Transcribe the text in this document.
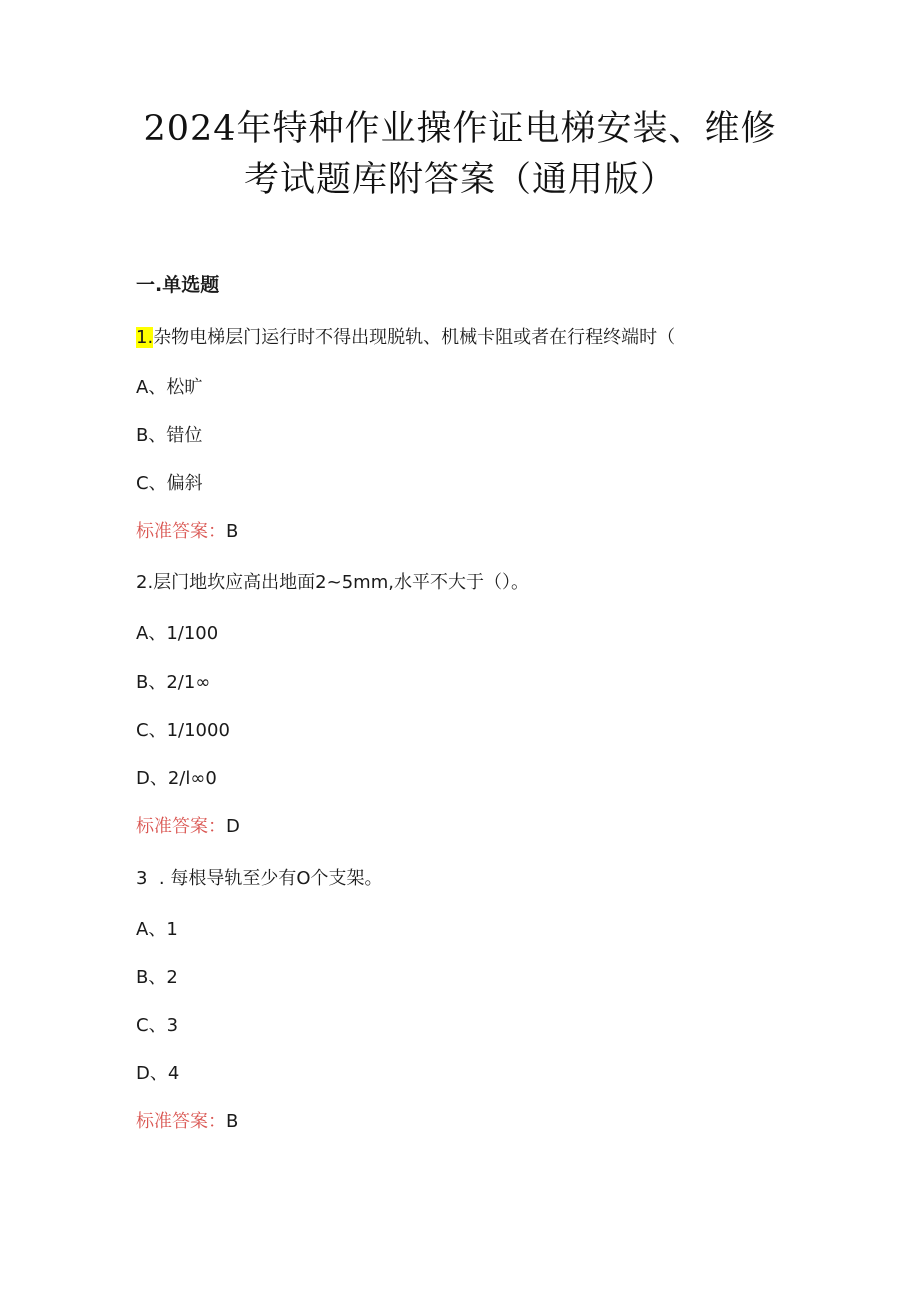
2024年特种作业操作证电梯安装、维修
考试题库附答案（通用版）
一.单选题
1.杂物电梯层门运行时不得出现脱轨、机械卡阻或者在行程终端时（
A、松旷
B、错位
C、偏斜
标准答案：B
2.层门地坎应高出地面2~5mm,水平不大于（）。
A、1/100
B、2/1∞
C、1/1000
D、2/l∞0
标准答案：D
3  . 每根导轨至少有O个支架。
A、1
B、2
C、3
D、4
标准答案：B
